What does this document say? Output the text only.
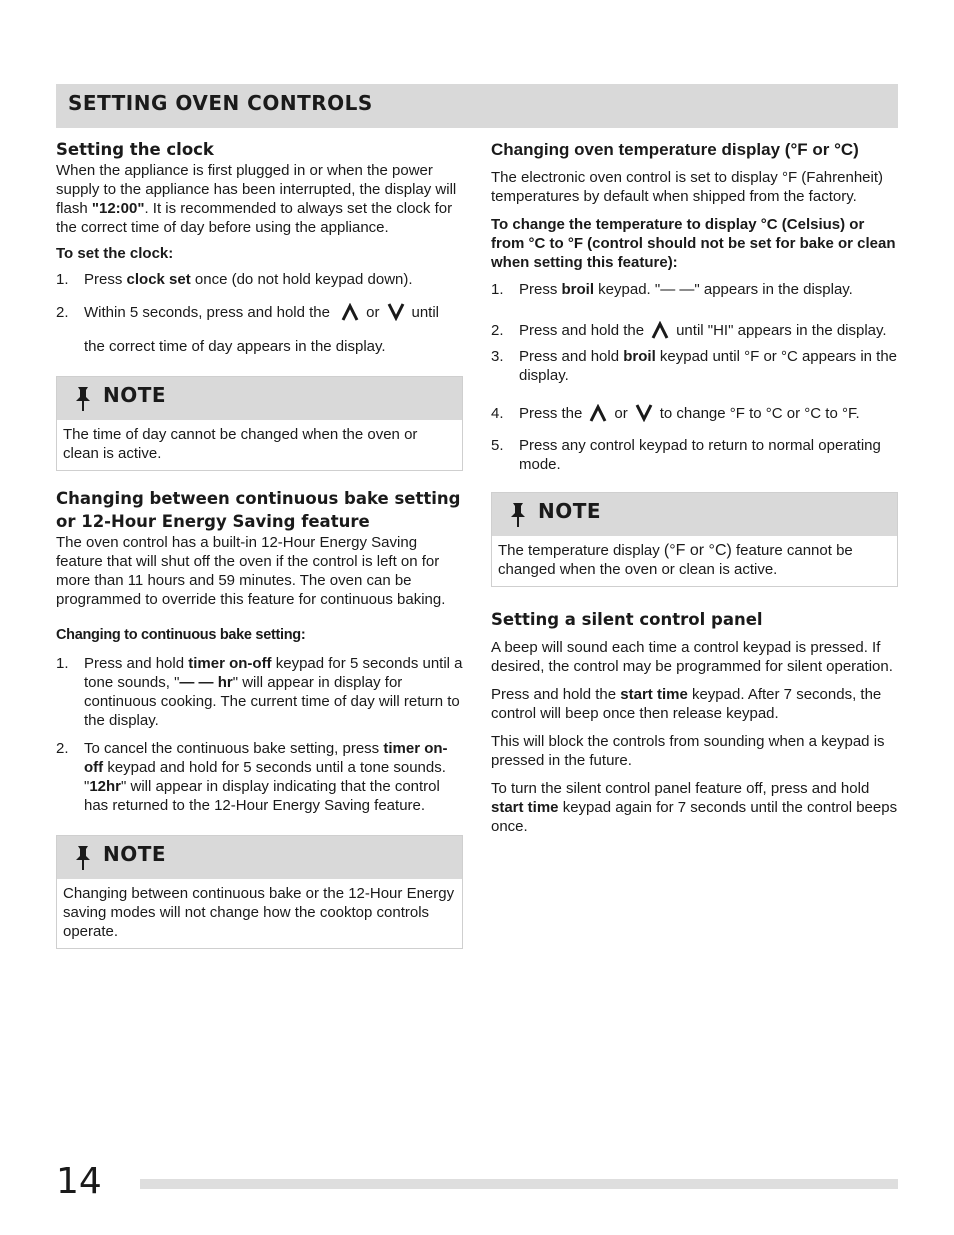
SETTING OVEN CONTROLS
Setting the clock

When the appliance is first plugged in or when the power supply to the appliance has been interrupted, the display will flash "12:00". It is recommended to always set the clock for the correct time of day before using the appliance.

To set the clock:
1. Press clock set once (do not hold keypad down).
2. Within 5 seconds, press and hold the or until
the correct time of day appears in the display.
NOTE
The time of day cannot be changed when the oven or clean is active.
Changing between continuous bake setting or 12-Hour Energy Saving feature

The oven control has a built-in 12-Hour Energy Saving feature that will shut off the oven if the control is left on for more than 11 hours and 59 minutes. The oven can be programmed to override this feature for continuous baking.

Changing to continuous bake setting:
1. Press and hold timer on-off keypad for 5 seconds until a tone sounds, "— — hr" will appear in display for continuous cooking. The current time of day will return to the display.
2. To cancel the continuous bake setting, press timer on-off keypad and hold for 5 seconds until a tone sounds. "12hr" will appear in display indicating that the control has returned to the 12-Hour Energy Saving feature.
NOTE
Changing between continuous bake or the 12-Hour Energy saving modes will not change how the cooktop controls operate.
Changing oven temperature display (°F or °C)

The electronic oven control is set to display °F (Fahrenheit) temperatures by default when shipped from the factory.

To change the temperature to display °C (Celsius) or from °C to °F (control should not be set for bake or clean when setting this feature):

1. Press broil keypad. "— —" appears in the display.
2. Press and hold the until "HI" appears in the display.
3. Press and hold broil keypad until °F or °C appears in the display.
4. Press the or to change °F to °C or °C to °F.
5. Press any control keypad to return to normal operating mode.
NOTE
The temperature display (°F or °C) feature cannot be changed when the oven or clean is active.
Setting a silent control panel

A beep will sound each time a control keypad is pressed. If desired, the control may be programmed for silent operation.

Press and hold the start time keypad. After 7 seconds, the control will beep once then release keypad.

This will block the controls from sounding when a keypad is pressed in the future.

To turn the silent control panel feature off, press and hold start time keypad again for 7 seconds until the control beeps once.

14
